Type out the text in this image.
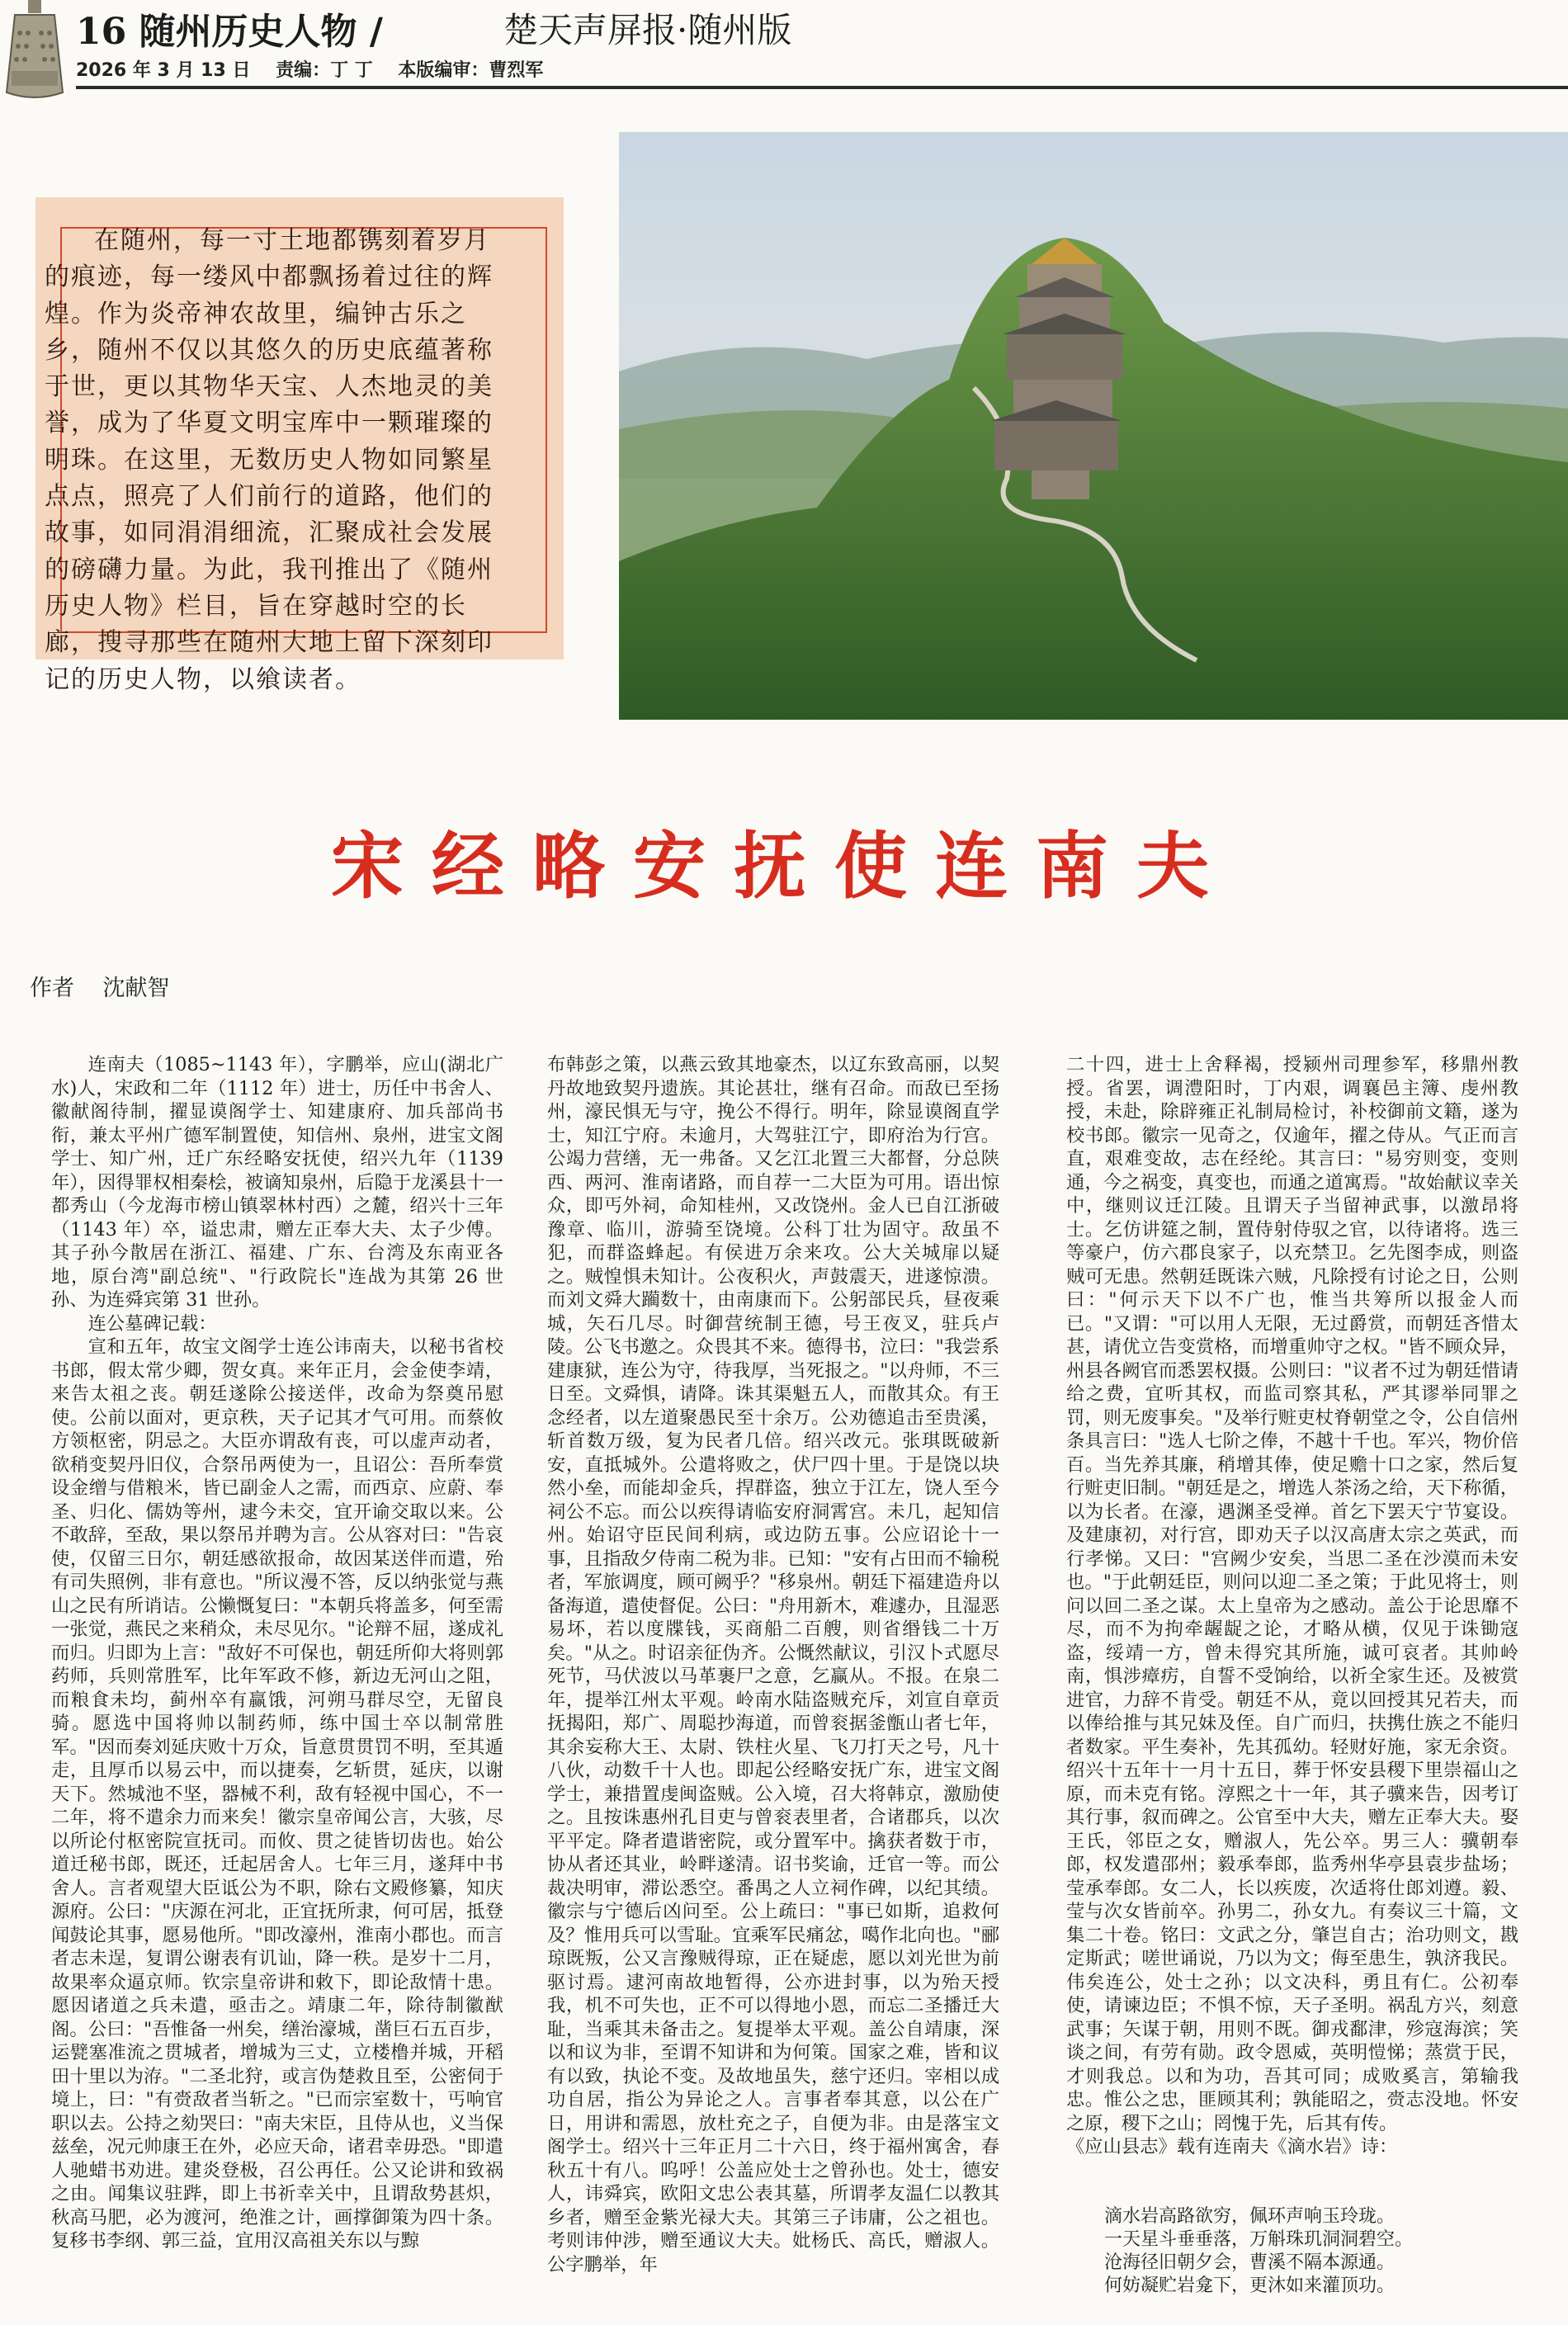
16 随州历史人物 /	楚天声屏报·随州版
2026 年 3 月 13 日    责编：丁 丁    本版编审：曹烈军

在随州，每一寸土地都镌刻着岁月的痕迹，每一缕风中都飘扬着过往的辉煌。作为炎帝神农故里，编钟古乐之乡，随州不仅以其悠久的历史底蕴著称于世，更以其物华天宝、人杰地灵的美誉，成为了华夏文明宝库中一颗璀璨的明珠。在这里，无数历史人物如同繁星点点，照亮了人们前行的道路，他们的故事，如同涓涓细流，汇聚成社会发展的磅礴力量。为此，我刊推出了《随州历史人物》栏目，旨在穿越时空的长廊，搜寻那些在随州大地上留下深刻印记的历史人物，以飨读者。

宋经略安抚使连南夫
作者    沈献智

连南夫（1085~1143 年），字鹏举，应山(湖北广水)人，宋政和二年（1112 年）进士，历任中书舍人、徽献阁待制，擢显谟阁学士、知建康府、加兵部尚书衔，兼太平州广德军制置使，知信州、泉州，进宝文阁学士、知广州，迁广东经略安抚使，绍兴九年（1139 年），因得罪权相秦桧，被谪知泉州，后隐于龙溪县十一都秀山（今龙海市榜山镇翠林村西）之麓，绍兴十三年（1143 年）卒，谥忠肃，赠左正奉大夫、太子少傅。其子孙今散居在浙江、福建、广东、台湾及东南亚各地，原台湾"副总统"、"行政院长"连战为其第 26 世孙、为连舜宾第 31 世孙。

连公墓碑记载：

宣和五年，故宝文阁学士连公讳南夫，以秘书省校书郎，假太常少卿，贺女真。来年正月，会金使李靖，来告太祖之丧。朝廷遂除公接送伴，改命为祭奠吊慰使。公前以面对，更京秩，天子记其才气可用。而蔡攸方领枢密，阴忌之。大臣亦谓敌有丧，可以虚声动者，欲稍变契丹旧仪，合祭吊两使为一，且诏公：吾所奉赏设金缯与借粮米，皆已副金人之需，而西京、应蔚、奉圣、归化、儒妫等州，逮今未交，宜开谕交取以来。公不敢辞，至敌，果以祭吊并聘为言。公从容对曰："告哀使，仅留三日尔，朝廷感欲报命，故因某送伴而遣，殆有司失照例，非有意也。"所议漫不答，反以纳张觉与燕山之民有所诮诘。公懒慨复曰："本朝兵将盖多，何至需一张觉，燕民之来稍众，未尽见尔。"论辩不屈，遂成礼而归。归即为上言："敌好不可保也，朝廷所仰大将则郭药师，兵则常胜军，比年军政不修，新边无河山之阻，而粮食未均，蓟州卒有赢饿，河朔马群尽空，无留良骑。愿选中国将帅以制药师，练中国士卒以制常胜军。"因而奏刘延庆败十万众，旨意贯贯罚不明，至其遁走，且厚币以易云中，而以捷奏，乞斩贯，延庆，以谢天下。然城池不坚，器械不利，敌有轻视中国心，不一二年，将不遣余力而来矣！徽宗皇帝闻公言，大骇，尽以所论付枢密院宣抚司。而攸、贯之徒皆切齿也。始公道迁秘书郎，既还，迁起居舍人。七年三月，遂拜中书舍人。言者观望大臣诋公为不职，除右文殿修纂，知庆源府。公曰："庆源在河北，正宜抚所隶，何可居，抵登闻鼓论其事，愿易他所。"即改濠州，淮南小郡也。而言者志未逞，复谓公谢表有讥讪，降一秩。是岁十二月，故果率众逼京师。钦宗皇帝讲和敕下，即论敌情十患。愿因诸道之兵未遣，亟击之。靖康二年，除待制徽猷阁。公曰："吾惟备一州矣，缮治濠城，凿巨石五百步，运甓塞准流之贯城者，增城为三丈，立楼橹并城，开稻田十里以为洊。"二圣北狩，或言伪楚救且至，公密伺于境上，曰："有赍敌者当斩之。"已而宗室数十，丐响官职以去。公持之劾哭曰："南夫宋臣，且侍从也，义当保兹垒，况元帅康王在外，必应天命，诸君幸毋恐。"即遣人驰蜡书劝进。建炎登极，召公再任。公又论讲和致祸之由。闻集议驻跸，即上书祈幸关中，且谓敌势甚炽，秋高马肥，必为渡河，绝淮之计，画撑御策为四十条。复移书李纲、郭三益，宜用汉高祖关东以与黥

布韩彭之策，以燕云致其地豪杰，以辽东致高丽，以契丹故地致契丹遗族。其论甚壮，继有召命。而敌已至扬州，濠民惧无与守，挽公不得行。明年，除显谟阁直学士，知江宁府。未逾月，大驾驻江宁，即府治为行宫。公竭力营缮，无一弗备。又乞江北置三大都督，分总陕西、两河、淮南诸路，而自荐一二大臣为可用。语出惊众，即丐外祠，命知桂州，又改饶州。金人已自江浙破豫章、临川，游骑至饶境。公科丁壮为固守。敌虽不犯，而群盗蜂起。有侯进万余来攻。公大关城扉以疑之。贼惶惧未知计。公夜积火，声鼓震天，进遂惊溃。而刘文舜大躏数十，由南康而下。公躬部民兵，昼夜乘城，矢石几尽。时御营统制王德，号王夜叉，驻兵卢陵。公飞书邀之。众畏其不来。德得书，泣曰："我尝系建康狱，连公为守，待我厚，当死报之。"以舟师，不三日至。文舜惧，请降。诛其渠魁五人，而散其众。有王念经者，以左道聚愚民至十余万。公劝德追击至贵溪，斩首数万级，复为民者几倍。绍兴改元。张琪既破新安，直抵城外。公遣将败之，伏尸四十里。于是饶以块然小垒，而能却金兵，捍群盗，独立于江左，饶人至今祠公不忘。而公以疾得请临安府洞霄宫。未几，起知信州。始诏守臣民间利病，或边防五事。公应诏论十一事，且指敌夕侍南二税为非。已知："安有占田而不输税者，军旅调度，顾可阙乎？"移泉州。朝廷下福建造舟以备海道，遣使督促。公曰："舟用新木，难遽办，且湿恶易坏，若以度牒钱，买商船二百艘，则省缗钱二十万矣。"从之。时诏亲征伪齐。公慨然献议，引汉卜式愿尽死节，马伏波以马革裹尸之意，乞赢从。不报。在泉二年，提举江州太平观。岭南水陆盗贼充斥，刘宣自章贡抚揭阳，郑广、周聪抄海道，而曾衮据釜甑山者七年，其余妄称大王、太尉、铁柱火星、飞刀打天之号，凡十八伙，动数千十人也。即起公经略安抚广东，进宝文阁学士，兼措置虔闽盗贼。公入境，召大将韩京，激励使之。且按诛惠州孔目吏与曾衮表里者，合诸郡兵，以次平平定。降者遣谐密院，或分置军中。擒获者数于市，协从者还其业，岭畔遂清。诏书奖谕，迁官一等。而公裁决明审，滞讼悉空。番禺之人立祠作碑，以纪其绩。徽宗与宁德后凶问至。公上疏曰："事已如斯，追救何及？惟用兵可以雪耻。宜乘军民痛忿，噶作北向也。"郦琼既叛，公又言豫贼得琼，正在疑虑，愿以刘光世为前驱讨焉。逮河南故地暂得，公亦进封事，以为殆天授我，机不可失也，正不可以得地小恩，而忘二圣播迁大耻，当乘其未备击之。复提举太平观。盖公自靖康，深以和议为非，至谓不知讲和为何策。国家之难，皆和议有以致，执论不变。及故地虽失，慈宁还归。宰相以成功自居，指公为异论之人。言事者奉其意，以公在广日，用讲和需恩，放杜充之子，自便为非。由是落宝文阁学士。绍兴十三年正月二十六日，终于福州寓舍，春秋五十有八。呜呼！公盖应处士之曾孙也。处士，德安人，讳舜宾，欧阳文忠公表其墓，所谓孝友温仁以教其乡者，赠至金紫光禄大夫。其第三子讳庸，公之祖也。考则讳仲涉，赠至通议大夫。妣杨氏、高氏，赠淑人。公字鹏举，年

二十四，进士上舍释褐，授颍州司理参军，移鼎州教授。省罢，调澧阳时，丁内艰，调襄邑主簿、虔州教授，未赴，除辟雍正礼制局检讨，补校御前文籍，遂为校书郎。徽宗一见奇之，仅逾年，擢之侍从。气正而言直，艰难变故，志在经纶。其言曰："易穷则变，变则通，今之祸变，真变也，而通之道寓焉。"故始献议幸关中，继则议迁江陵。且谓天子当留神武事，以激昂将士。乞仿讲筵之制，置侍射侍驭之官，以待诸将。选三等豪户，仿六郡良家子，以充禁卫。乞先图李成，则盗贼可无患。然朝廷既诛六贼，凡除授有讨论之日，公则曰："何示天下以不广也，惟当共筹所以报金人而已。"又谓："可以用人无限，无过爵赏，而朝廷吝惜太甚，请优立告变赏格，而增重帅守之权。"皆不顾众异，州县各阙官而悉罢权摄。公则曰："议者不过为朝廷惜请给之费，宜听其权，而监司察其私，严其谬举同罪之罚，则无废事矣。"及举行赃吏杖脊朝堂之令，公自信州条具言曰："选人七阶之俸，不越十千也。军兴，物价倍百。当先养其廉，稍增其俸，使足赡十口之家，然后复行赃吏旧制。"朝廷是之，增选人茶汤之给，天下称循，以为长者。在濠，遇渊圣受禅。首乞下罢天宁节宴设。及建康初，对行宫，即劝天子以汉高唐太宗之英武，而行孝悌。又曰："宫阙少安矣，当思二圣在沙漠而未安也。"于此朝廷臣，则问以迎二圣之策；于此见将士，则问以回二圣之谋。太上皇帝为之感动。盖公于论思靡不尽，而不为拘牵龌龊之论，才略从横，仅见于诛锄寇盗，绥靖一方，曾未得究其所施，诚可哀者。其帅岭南，惧涉瘴疠，自誓不受饷给，以祈全家生还。及被赏进官，力辞不肯受。朝廷不从，竟以回授其兄若夫，而以俸给推与其兄妹及侄。自广而归，扶携仕族之不能归者数家。平生奏补，先其孤幼。轻财好施，家无余资。绍兴十五年十一月十五日，葬于怀安县稷下里崇福山之原，而未克有铭。淳熙之十一年，其子骥来告，因考订其行事，叙而碑之。公官至中大夫，赠左正奉大夫。娶王氏，邻臣之女，赠淑人，先公卒。男三人：骥朝奉郎，权发遣邵州；毅承奉郎，监秀州华亭县袁步盐场；莹承奉郎。女二人，长以疾废，次适将仕郎刘遵。毅、莹与次女皆前卒。孙男二，孙女九。有奏议三十篇，文集二十卷。铭曰：文武之分，肇岂自古；治功则文，戡定斯武；嗟世诵说，乃以为文；侮至患生，孰济我民。伟矣连公，处士之孙；以文决科，勇且有仁。公初奉使，请谏边臣；不惧不惊，天子圣明。祸乱方兴，刻意武事；矢谋于朝，用则不既。御戎鄱津，殄寇海滨；笑谈之间，有劳有勋。政令恩威，英明愷悌；蒸赏于民，才则我总。以和为功，吾其可同；成败奚言，第输我忠。惟公之忠，匪顾其利；孰能昭之，赍志没地。怀安之原，稷下之山；罔愧于先，后其有传。

《应山县志》载有连南夫《滴水岩》诗：

滴水岩高路欲穷，佩环声响玉玲珑。
一天星斗垂垂落，万斛珠玑洞洞碧空。
沧海径旧朝夕会，曹溪不隔本源通。
何妨凝贮岩龛下，更沐如来灌顶功。
